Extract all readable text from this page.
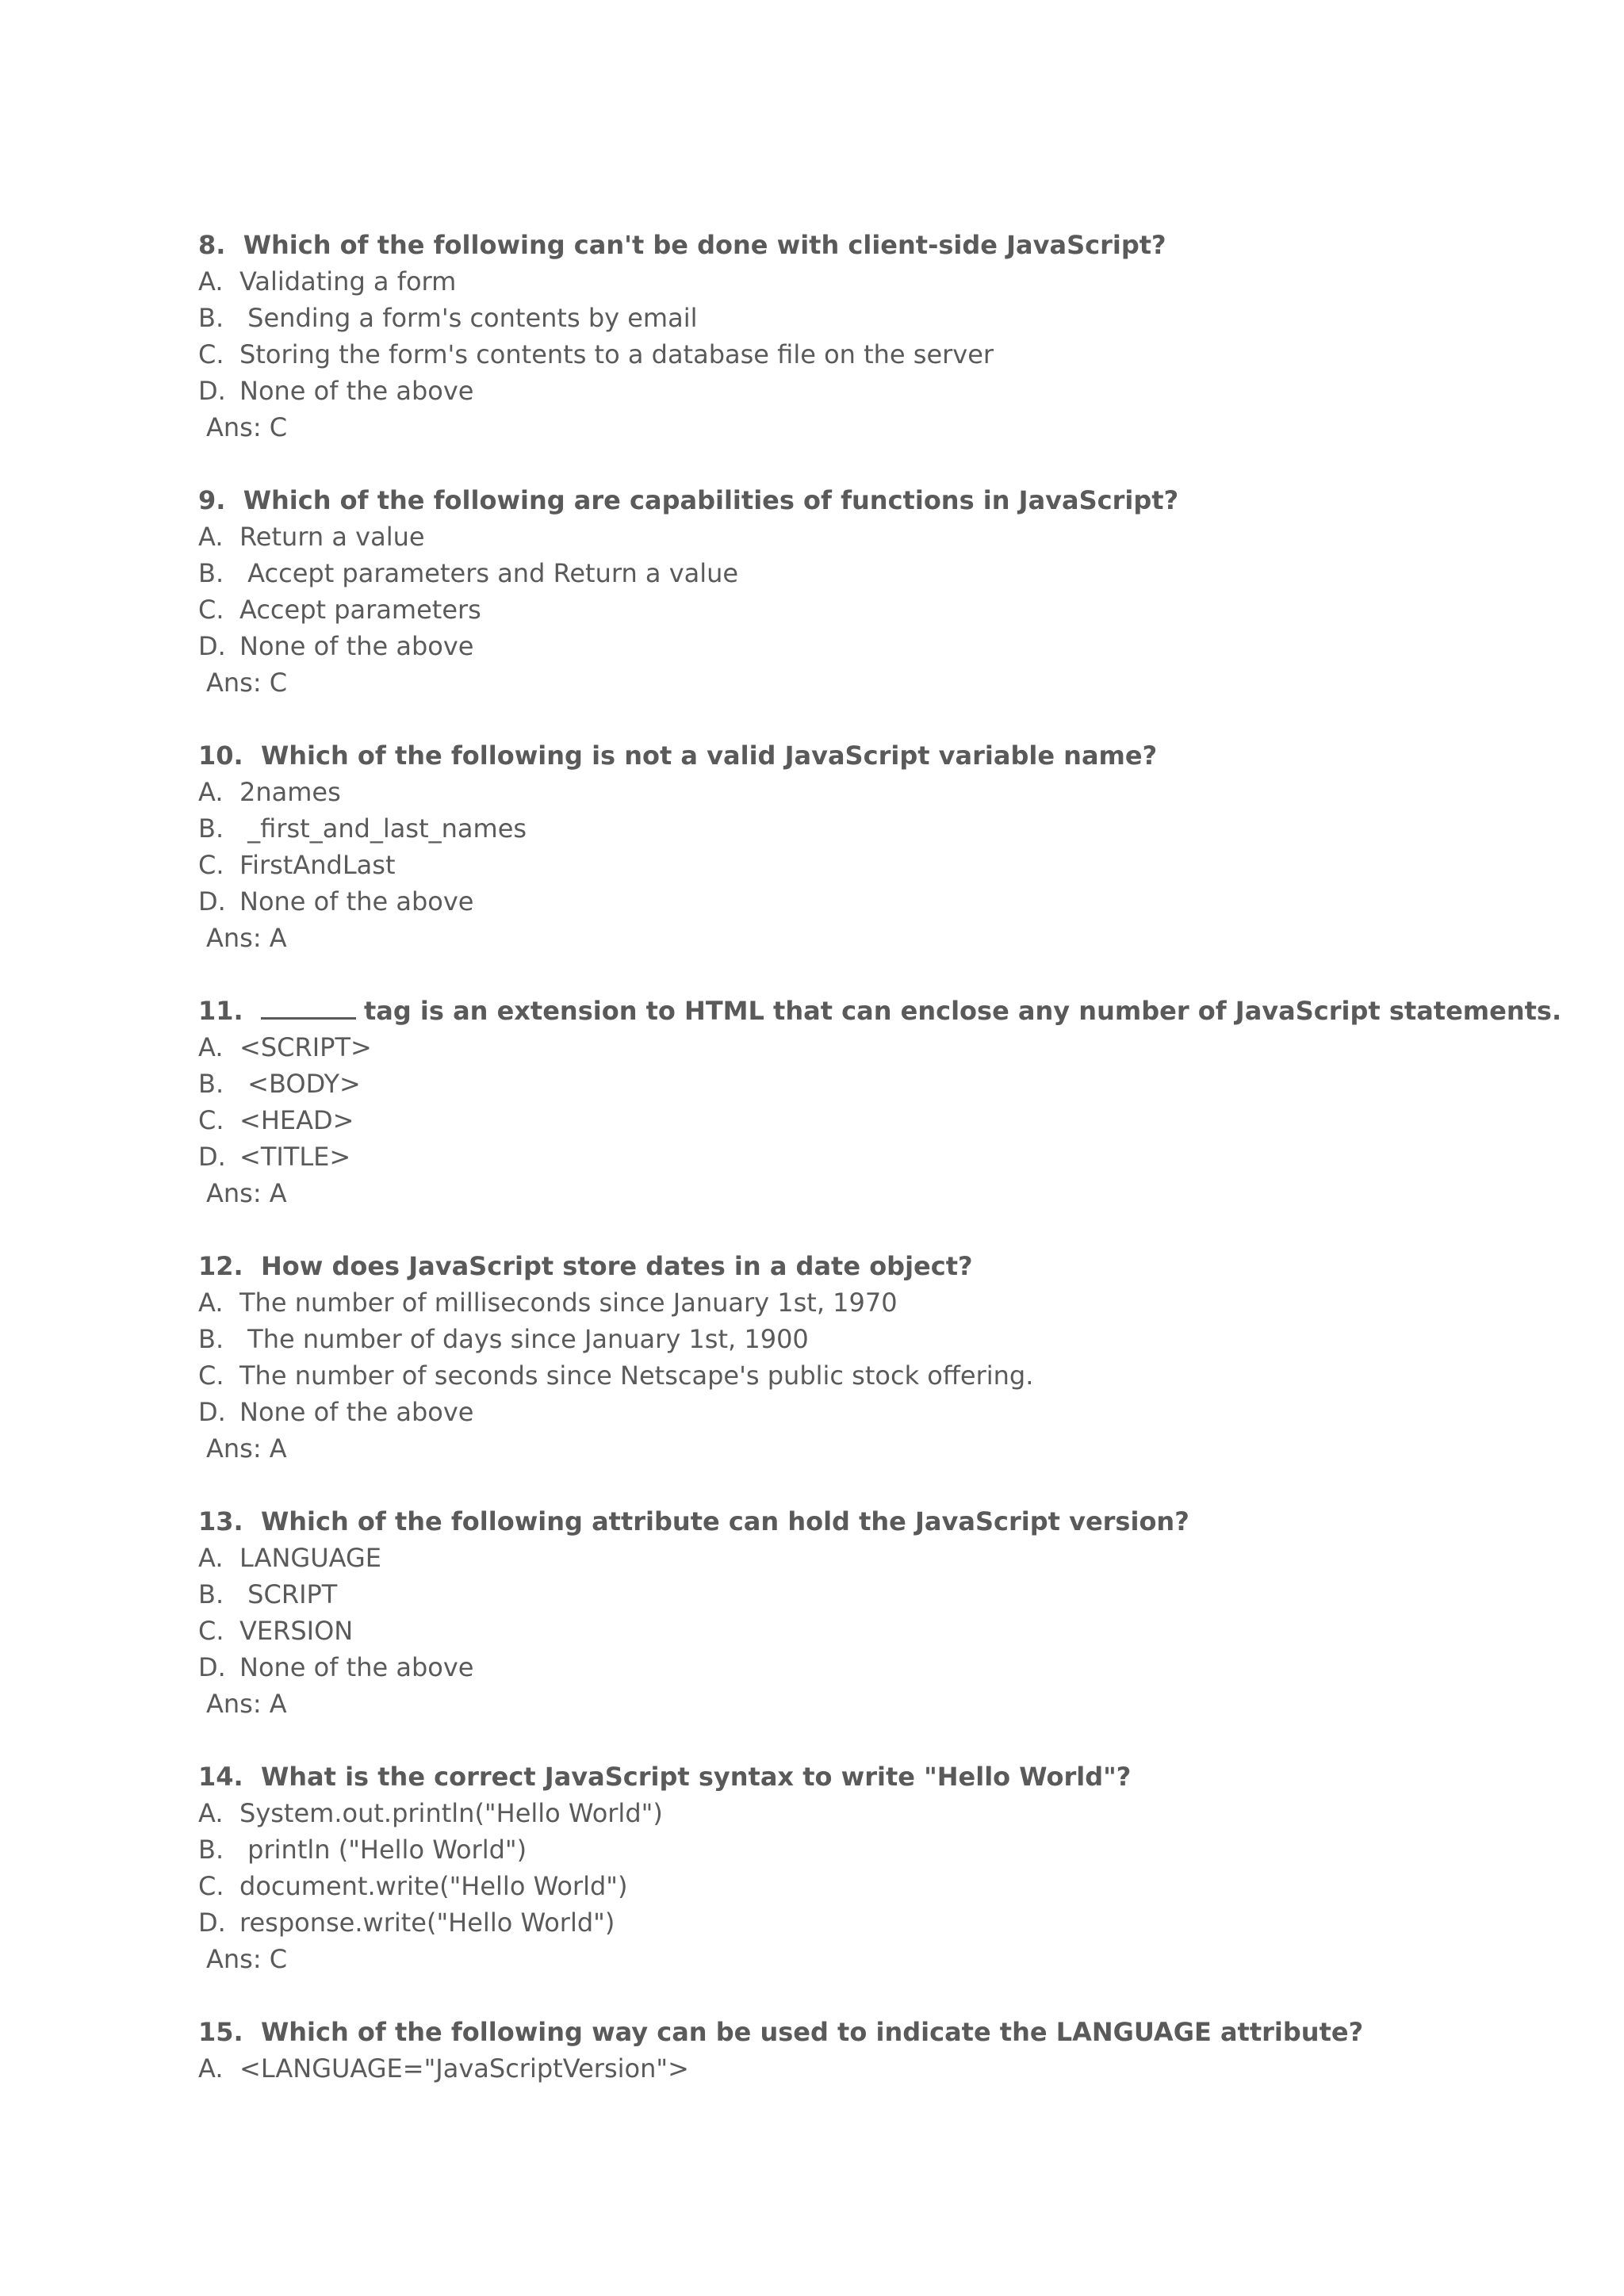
8. Which of the following can't be done with client-side JavaScript?
A. Validating a form
B. Sending a form's contents by email
C. Storing the form's contents to a database file on the server
D. None of the above
Ans: C
9. Which of the following are capabilities of functions in JavaScript?
A. Return a value
B. Accept parameters and Return a value
C. Accept parameters
D. None of the above
Ans: C
10. Which of the following is not a valid JavaScript variable name?
A. 2names
B. _first_and_last_names
C. FirstAndLast
D. None of the above
Ans: A
11.	tag is an extension to HTML that can enclose any number of JavaScript statements.
A. <SCRIPT>
B. <BODY>
C. <HEAD>
D. <TITLE>
Ans: A
12. How does JavaScript store dates in a date object?
A. The number of milliseconds since January 1st, 1970
B. The number of days since January 1st, 1900
C. The number of seconds since Netscape's public stock offering.
D. None of the above
Ans: A
13. Which of the following attribute can hold the JavaScript version?
A. LANGUAGE
B. SCRIPT
C. VERSION
D. None of the above
Ans: A
14. What is the correct JavaScript syntax to write "Hello World"?
A. System.out.println("Hello World")
B. println ("Hello World")
C. document.write("Hello World")
D. response.write("Hello World")
Ans: C
15. Which of the following way can be used to indicate the LANGUAGE attribute?
A. <LANGUAGE="JavaScriptVersion">
